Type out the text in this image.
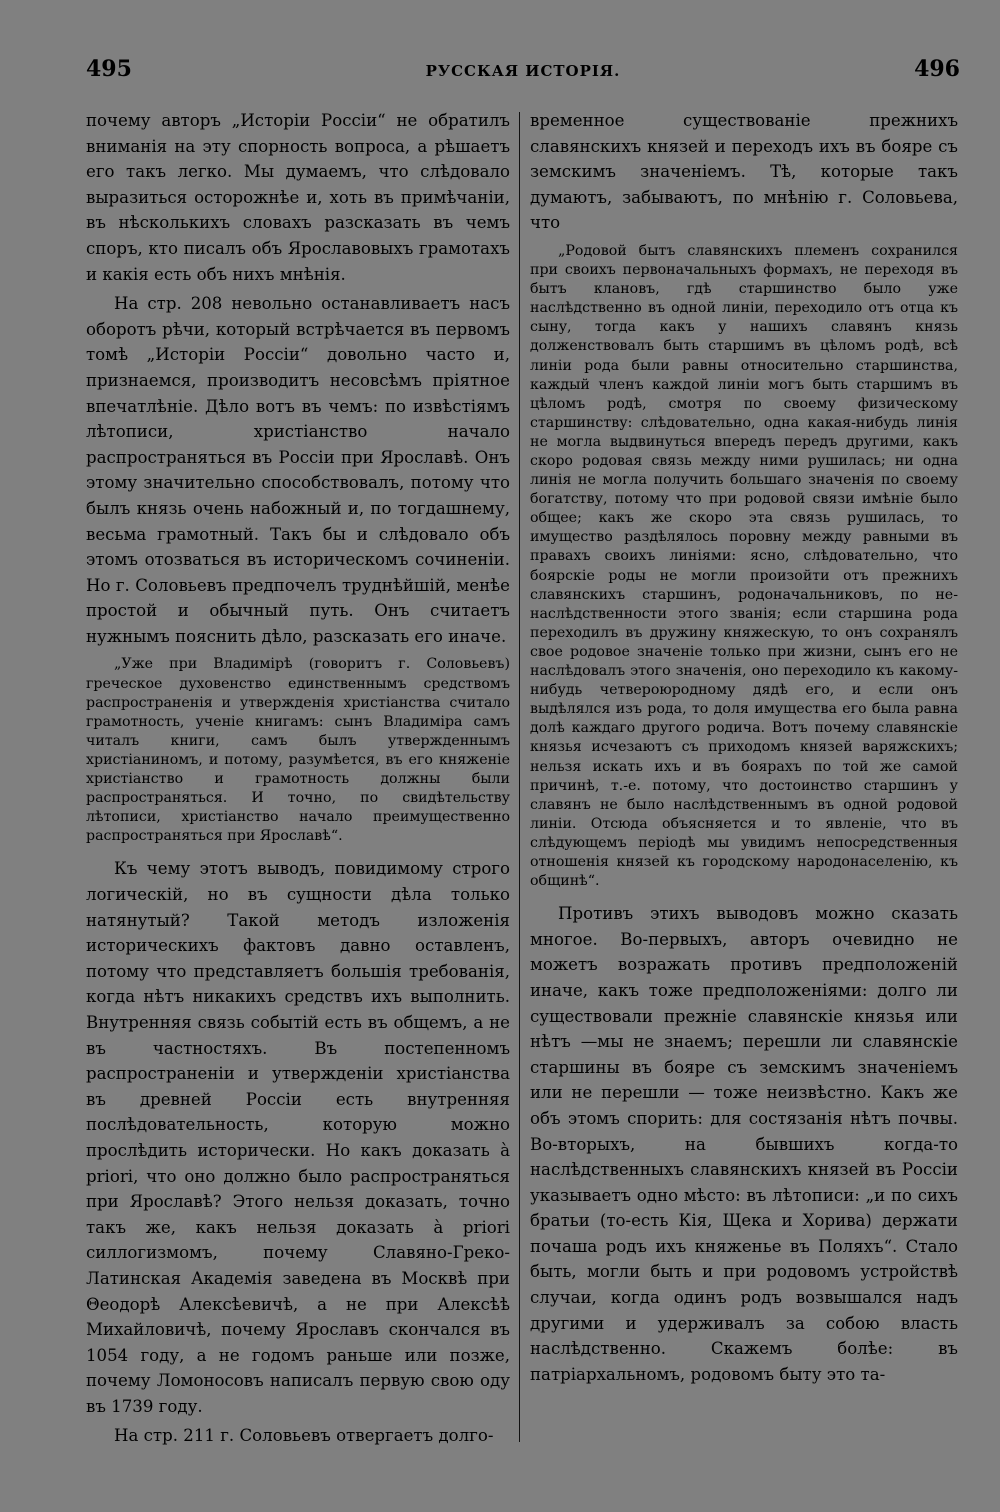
495	РУССКАЯ ИСТОРІЯ.	496

почему авторъ „Исторіи Россіи“ не обратилъ вниманія на эту спорность вопроса, а рѣшаетъ его такъ легко. Мы думаемъ, что слѣдовало выразиться осторожнѣе и, хоть въ примѣчаніи, въ нѣсколькихъ словахъ разсказать въ чемъ споръ, кто писалъ объ Ярославовыхъ грамотахъ и какія есть объ нихъ мнѣнія.

На стр. 208 невольно останавливаетъ насъ оборотъ рѣчи, который встрѣчается въ первомъ томѣ „Исторіи Россіи“ довольно часто и, признаемся, производитъ несовсѣмъ пріятное впечатлѣніе. Дѣло вотъ въ чемъ: по извѣстіямъ лѣтописи, христіанство начало распространяться въ Россіи при Ярославѣ. Онъ этому значительно способствовалъ, потому что былъ князь очень набожный и, по тогдашнему, весьма грамотный. Такъ бы и слѣдовало объ этомъ отозваться въ историческомъ сочиненіи. Но г. Соловьевъ предпочелъ труднѣйшій, менѣе простой и обычный путь. Онъ считаетъ нужнымъ пояснить дѣло, разсказать его иначе.

„Уже при Владимірѣ (говоритъ г. Соловьевъ) греческое духовенство единственнымъ средствомъ распространенія и утвержденія христіанства считало грамотность, ученіе книгамъ: сынъ Владиміра самъ читалъ книги, самъ былъ утвержденнымъ христіаниномъ, и потому, разумѣется, въ его княженіе христіанство и грамотность должны были распространяться. И точно, по свидѣтельству лѣтописи, христіанство начало преимущественно распространяться при Ярославѣ“.

Къ чему этотъ выводъ, повидимому строго логическій, но въ сущности дѣла только натянутый? Такой методъ изложенія историческихъ фактовъ давно оставленъ, потому что представляетъ большія требованія, когда нѣтъ никакихъ средствъ ихъ выполнить. Внутренняя связь событій есть въ общемъ, а не въ частностяхъ. Въ постепенномъ распространеніи и утвержденіи христіанства въ древней Россіи есть внутренняя послѣдовательность, которую можно прослѣдить исторически. Но какъ доказать à priori, что оно должно было распространяться при Ярославѣ? Этого нельзя доказать, точно такъ же, какъ нельзя доказать à priori силлогизмомъ, почему Славяно-Греко-Латинская Академія заведена въ Москвѣ при Θеодорѣ Алексѣевичѣ, а не при Алексѣѣ Михайловичѣ, почему Ярославъ скончался въ 1054 году, а не годомъ раньше или позже, почему Ломоносовъ написалъ первую свою оду въ 1739 году.

На стр. 211 г. Соловьевъ отвергаетъ долго-

временное существованіе прежнихъ славянскихъ князей и переходъ ихъ въ бояре съ земскимъ значеніемъ. Тѣ, которые такъ думаютъ, забываютъ, по мнѣнію г. Соловьева, что

„Родовой бытъ славянскихъ племенъ сохранился при своихъ первоначальныхъ формахъ, не переходя въ бытъ клановъ, гдѣ старшинство было уже наслѣдственно въ одной линіи, переходило отъ отца къ сыну, тогда какъ у нашихъ славянъ князь долженствовалъ быть старшимъ въ цѣломъ родѣ, всѣ линіи рода были равны относительно старшинства, каждый членъ каждой линіи могъ быть старшимъ въ цѣломъ родѣ, смотря по своему физическому старшинству: слѣдовательно, одна какая-нибудь линія не могла выдвинуться впередъ передъ другими, какъ скоро родовая связь между ними рушилась; ни одна линія не могла получить большаго значенія по своему богатству, потому что при родовой связи имѣніе было общее; какъ же скоро эта связь рушилась, то имущество раздѣлялось поровну между равными въ правахъ своихъ линіями: ясно, слѣдовательно, что боярскіе роды не могли произойти отъ прежнихъ славянскихъ старшинъ, родоначальниковъ, по не-наслѣдственности этого званія; если старшина рода переходилъ въ дружину княжескую, то онъ сохранялъ свое родовое значеніе только при жизни, сынъ его не наслѣдовалъ этого значенія, оно переходило къ какому-нибудь четвероюродному дядѣ его, и если онъ выдѣлялся изъ рода, то доля имущества его была равна долѣ каждаго другого родича. Вотъ почему славянскіе князья исчезаютъ съ приходомъ князей варяжскихъ; нельзя искать ихъ и въ боярахъ по той же самой причинѣ, т.-е. потому, что достоинство старшинъ у славянъ не было наслѣдственнымъ въ одной родовой линіи. Отсюда объясняется и то явленіе, что въ слѣдующемъ періодѣ мы увидимъ непосредственныя отношенія князей къ городскому народонаселенію, къ общинѣ“.

Противъ этихъ выводовъ можно сказать многое. Во-первыхъ, авторъ очевидно не можетъ возражать противъ предположеній иначе, какъ тоже предположеніями: долго ли существовали прежніе славянскіе князья или нѣтъ —мы не знаемъ; перешли ли славянскіе старшины въ бояре съ земскимъ значеніемъ или не перешли — тоже неизвѣстно. Какъ же объ этомъ спорить: для состязанія нѣтъ почвы. Во-вторыхъ, на бывшихъ когда-то наслѣдственныхъ славянскихъ князей въ Россіи указываетъ одно мѣсто: въ лѣтописи: „и по сихъ братьи (то-есть Кія, Щека и Хорива) держати почаша родъ ихъ княженье въ Поляхъ“. Стало быть, могли быть и при родовомъ устройствѣ случаи, когда одинъ родъ возвышался надъ другими и удерживалъ за собою власть наслѣдственно. Скажемъ болѣе: въ патріархальномъ, родовомъ быту это та-
